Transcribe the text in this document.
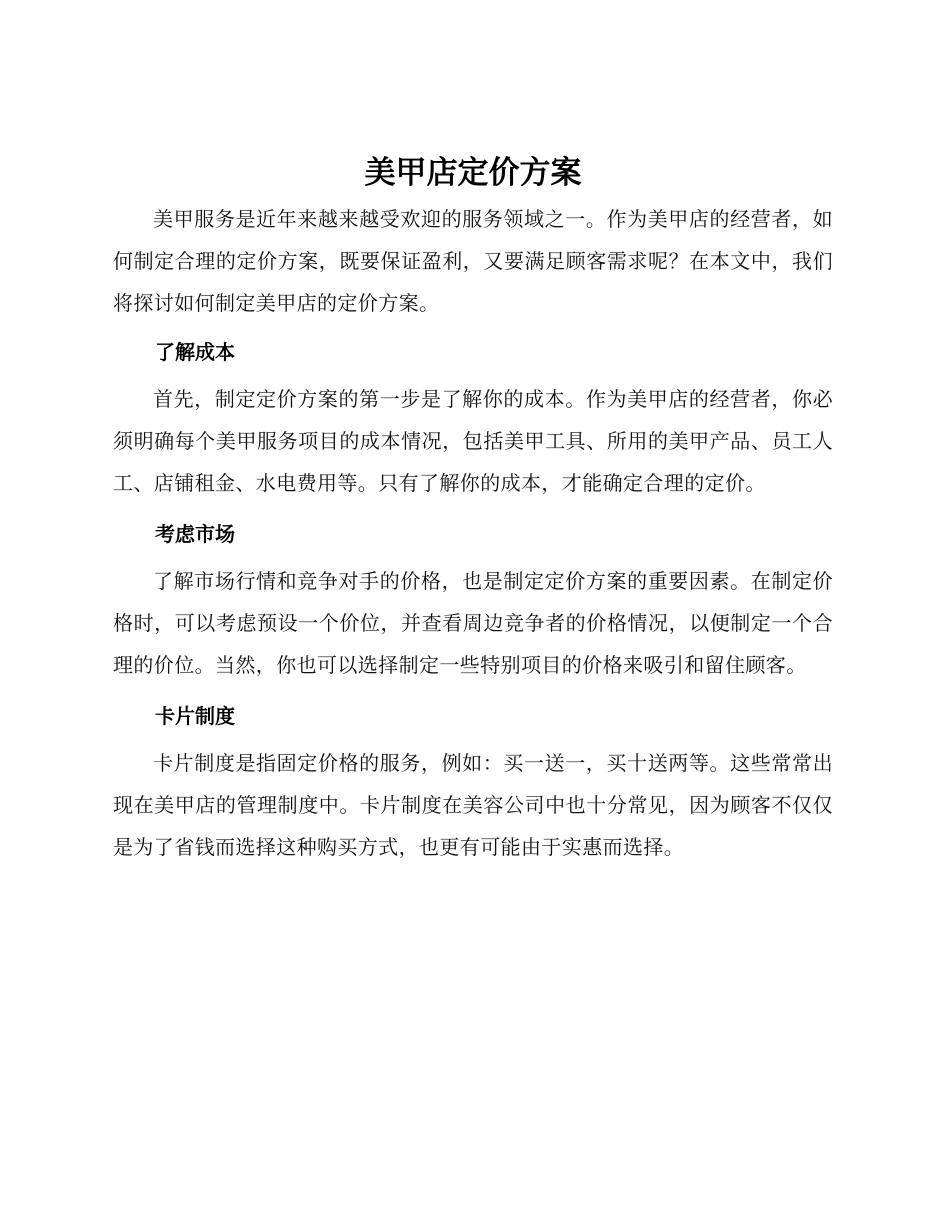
美甲店定价方案

美甲服务是近年来越来越受欢迎的服务领域之一。作为美甲店的经营者，如何制定合理的定价方案，既要保证盈利，又要满足顾客需求呢？在本文中，我们将探讨如何制定美甲店的定价方案。

了解成本

首先，制定定价方案的第一步是了解你的成本。作为美甲店的经营者，你必须明确每个美甲服务项目的成本情况，包括美甲工具、所用的美甲产品、员工人工、店铺租金、水电费用等。只有了解你的成本，才能确定合理的定价。

考虑市场

了解市场行情和竞争对手的价格，也是制定定价方案的重要因素。在制定价格时，可以考虑预设一个价位，并查看周边竞争者的价格情况，以便制定一个合理的价位。当然，你也可以选择制定一些特别项目的价格来吸引和留住顾客。

卡片制度

卡片制度是指固定价格的服务，例如：买一送一，买十送两等。这些常常出现在美甲店的管理制度中。卡片制度在美容公司中也十分常见，因为顾客不仅仅是为了省钱而选择这种购买方式，也更有可能由于实惠而选择。
